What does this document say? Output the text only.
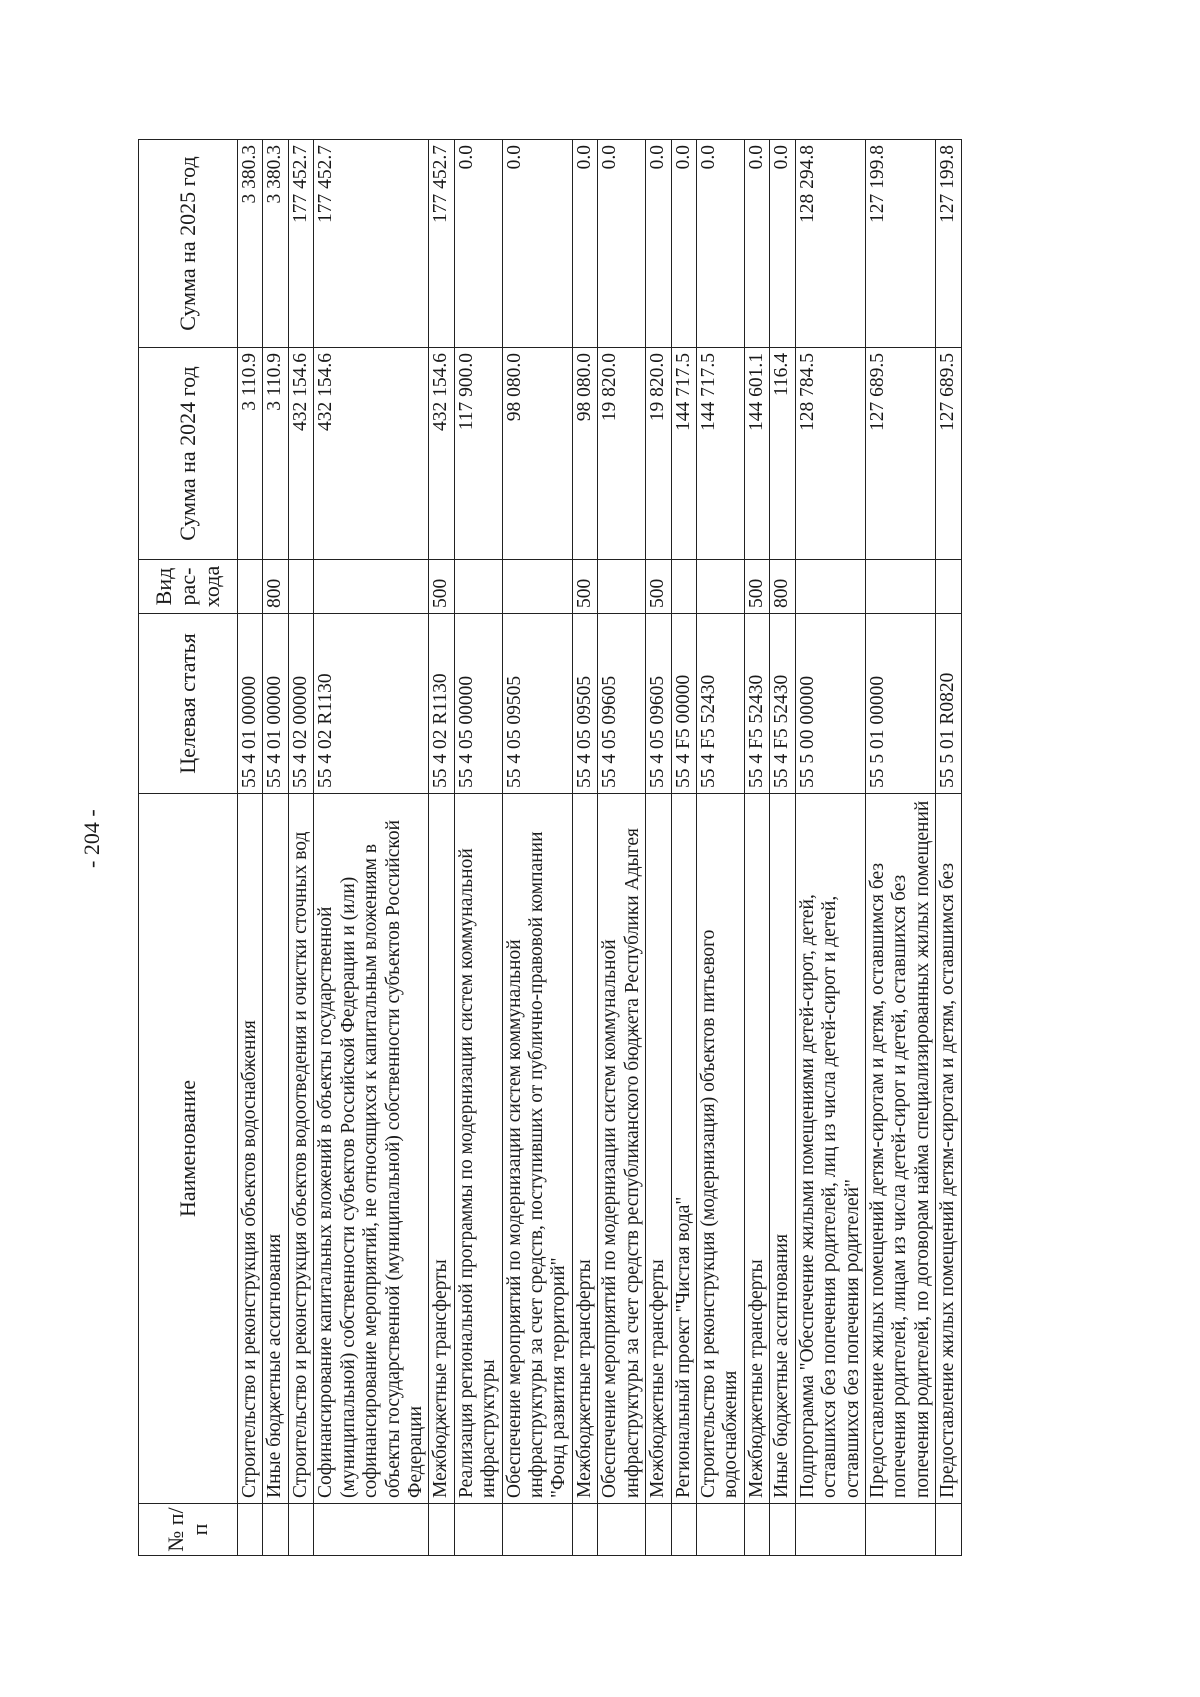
- 204 -
№ п/п	Наименование	Целевая статья	Вид рас-хода	Сумма на 2024 год	Сумма на 2025 год
	Строительство и реконструкция объектов водоснабжения	55 4 01 00000		3 110.9	3 380.3
	Иные бюджетные ассигнования	55 4 01 00000	800	3 110.9	3 380.3
	Строительство и реконструкция объектов водоотведения и очистки сточных вод	55 4 02 00000		432 154.6	177 452.7
	Софинансирование капитальных вложений в объекты государственной (муниципальной) собственности субъектов Российской Федерации и (или) софинансирование мероприятий, не относящихся к капитальным вложениям в объекты государственной (муниципальной) собственности субъектов Российской Федерации	55 4 02 R1130		432 154.6	177 452.7
	Межбюджетные трансферты	55 4 02 R1130	500	432 154.6	177 452.7
	Реализация региональной программы по модернизации систем коммунальной инфраструктуры	55 4 05 00000		117 900.0	0.0
	Обеспечение мероприятий по модернизации систем коммунальной инфраструктуры за счет средств, поступивших от публично-правовой компании "Фонд развития территорий"	55 4 05 09505		98 080.0	0.0
	Межбюджетные трансферты	55 4 05 09505	500	98 080.0	0.0
	Обеспечение мероприятий по модернизации систем коммунальной инфраструктуры за счет средств республиканского бюджета Республики Адыгея	55 4 05 09605		19 820.0	0.0
	Межбюджетные трансферты	55 4 05 09605	500	19 820.0	0.0
	Региональный проект "Чистая вода"	55 4 F5 00000		144 717.5	0.0
	Строительство и реконструкция (модернизация) объектов питьевого водоснабжения	55 4 F5 52430		144 717.5	0.0
	Межбюджетные трансферты	55 4 F5 52430	500	144 601.1	0.0
	Иные бюджетные ассигнования	55 4 F5 52430	800	116.4	0.0
	Подпрограмма "Обеспечение жилыми помещениями детей-сирот, детей, оставшихся без попечения родителей, лиц из числа детей-сирот и детей, оставшихся без попечения родителей"	55 5 00 00000		128 784.5	128 294.8
	Предоставление жилых помещений детям-сиротам и детям, оставшимся без попечения родителей, лицам из числа детей-сирот и детей, оставшихся без попечения родителей, по договорам найма специализированных жилых помещений	55 5 01 00000		127 689.5	127 199.8
	Предоставление жилых помещений детям-сиротам и детям, оставшимся без	55 5 01 R0820		127 689.5	127 199.8
